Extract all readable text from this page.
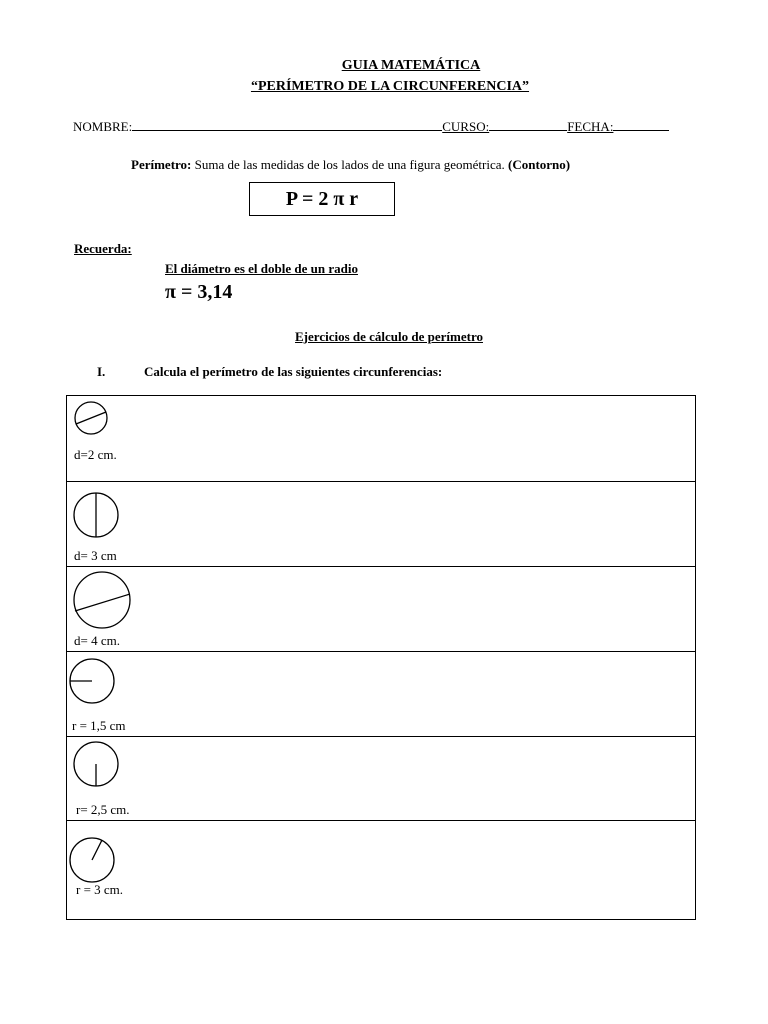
GUIA MATEMÁTICA
“PERÍMETRO DE LA CIRCUNFERENCIA”
NOMBRE:	CURSO:	FECHA:
Perímetro: Suma de las medidas de los lados de una figura geométrica. (Contorno)
P = 2 π r
Recuerda:
El diámetro es el doble de un radio
π = 3,14
Ejercicios de cálculo de perímetro
I.	Calcula el perímetro de las siguientes circunferencias:
d=2 cm.
d= 3 cm
d= 4 cm.
r = 1,5 cm
r= 2,5 cm.
r = 3 cm.
